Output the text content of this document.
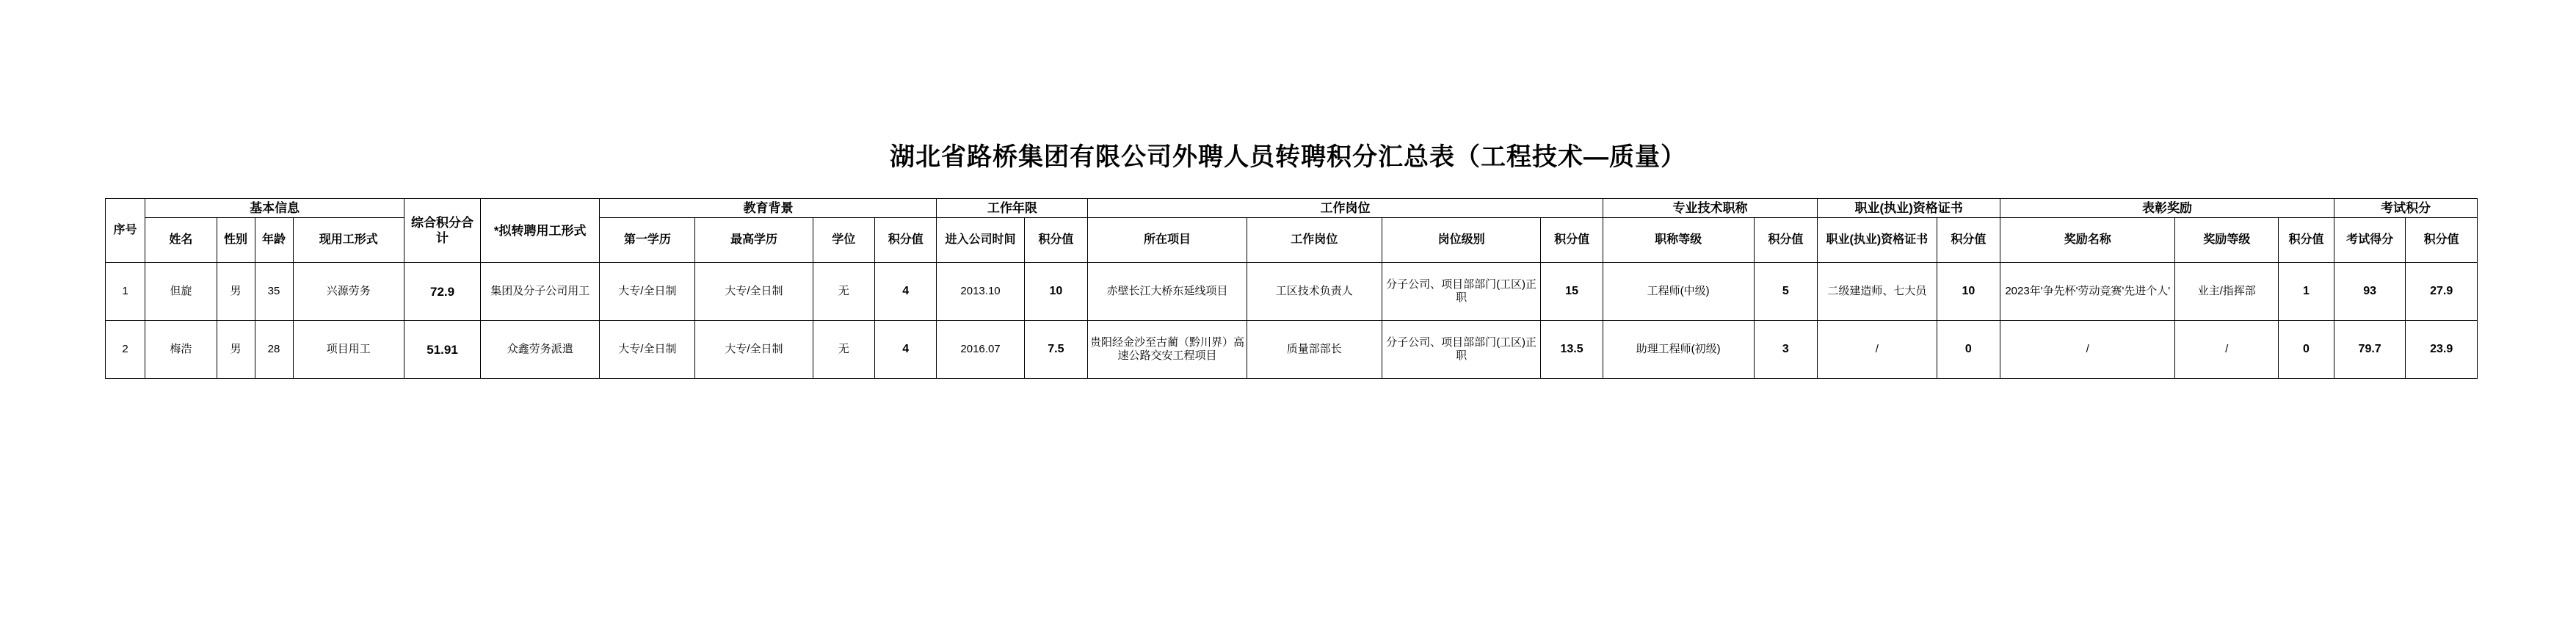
湖北省路桥集团有限公司外聘人员转聘积分汇总表（工程技术—质量）
序号	基本信息				综合积分合计	*拟转聘用工形式	教育背景				工作年限		工作岗位				专业技术职称		职业(执业)资格证书		表彰奖励			考试积分	
	姓名	性别	年龄	现用工形式			第一学历	最高学历	学位	积分值	进入公司时间	积分值	所在项目	工作岗位	岗位级别	积分值	职称等级	积分值	职业(执业)资格证书	积分值	奖励名称	奖励等级	积分值	考试得分	积分值
1	但旋	男	35	兴源劳务	72.9	集团及分子公司用工	大专/全日制	大专/全日制	无	4	2013.10	10	赤壁长江大桥东延线项目	工区技术负责人	分子公司、项目部部门(工区)正职	15	工程师(中级)	5	二级建造师、七大员	10	2023年'争先杯'劳动竞赛'先进个人'	业主/指挥部	1	93	27.9
2	梅浩	男	28	项目用工	51.91	众鑫劳务派遣	大专/全日制	大专/全日制	无	4	2016.07	7.5	贵阳经金沙至古蔺（黔川界）高速公路交安工程项目	质量部部长	分子公司、项目部部门(工区)正职	13.5	助理工程师(初级)	3	/	0	/	/	0	79.7	23.9
